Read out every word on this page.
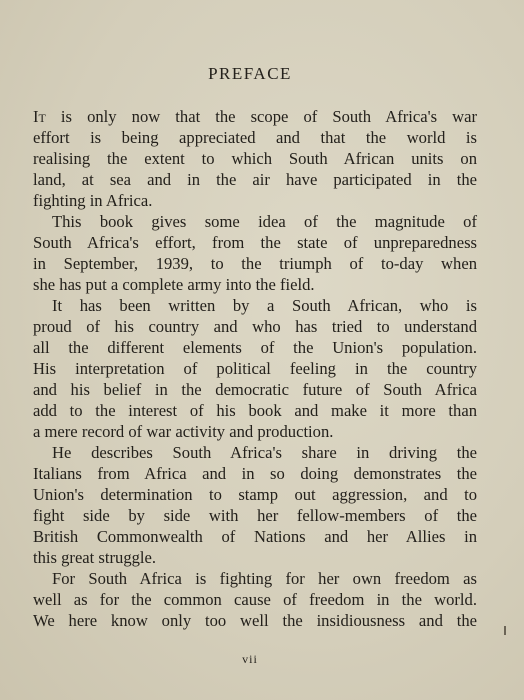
PREFACE
It is only now that the scope of South Africa's war
effort is being appreciated and that the world is
realising the extent to which South African units on
land, at sea and in the air have participated in the
fighting in Africa.
This book gives some idea of the magnitude of
South Africa's effort, from the state of unpreparedness
in September, 1939, to the triumph of to-day when
she has put a complete army into the field.
It has been written by a South African, who is
proud of his country and who has tried to understand
all the different elements of the Union's population.
His interpretation of political feeling in the country
and his belief in the democratic future of South Africa
add to the interest of his book and make it more than
a mere record of war activity and production.
He describes South Africa's share in driving the
Italians from Africa and in so doing demonstrates the
Union's determination to stamp out aggression, and to
fight side by side with her fellow-members of the
British Commonwealth of Nations and her Allies in
this great struggle.
For South Africa is fighting for her own freedom as
well as for the common cause of freedom in the world.
We here know only too well the insidiousness and the
vii
